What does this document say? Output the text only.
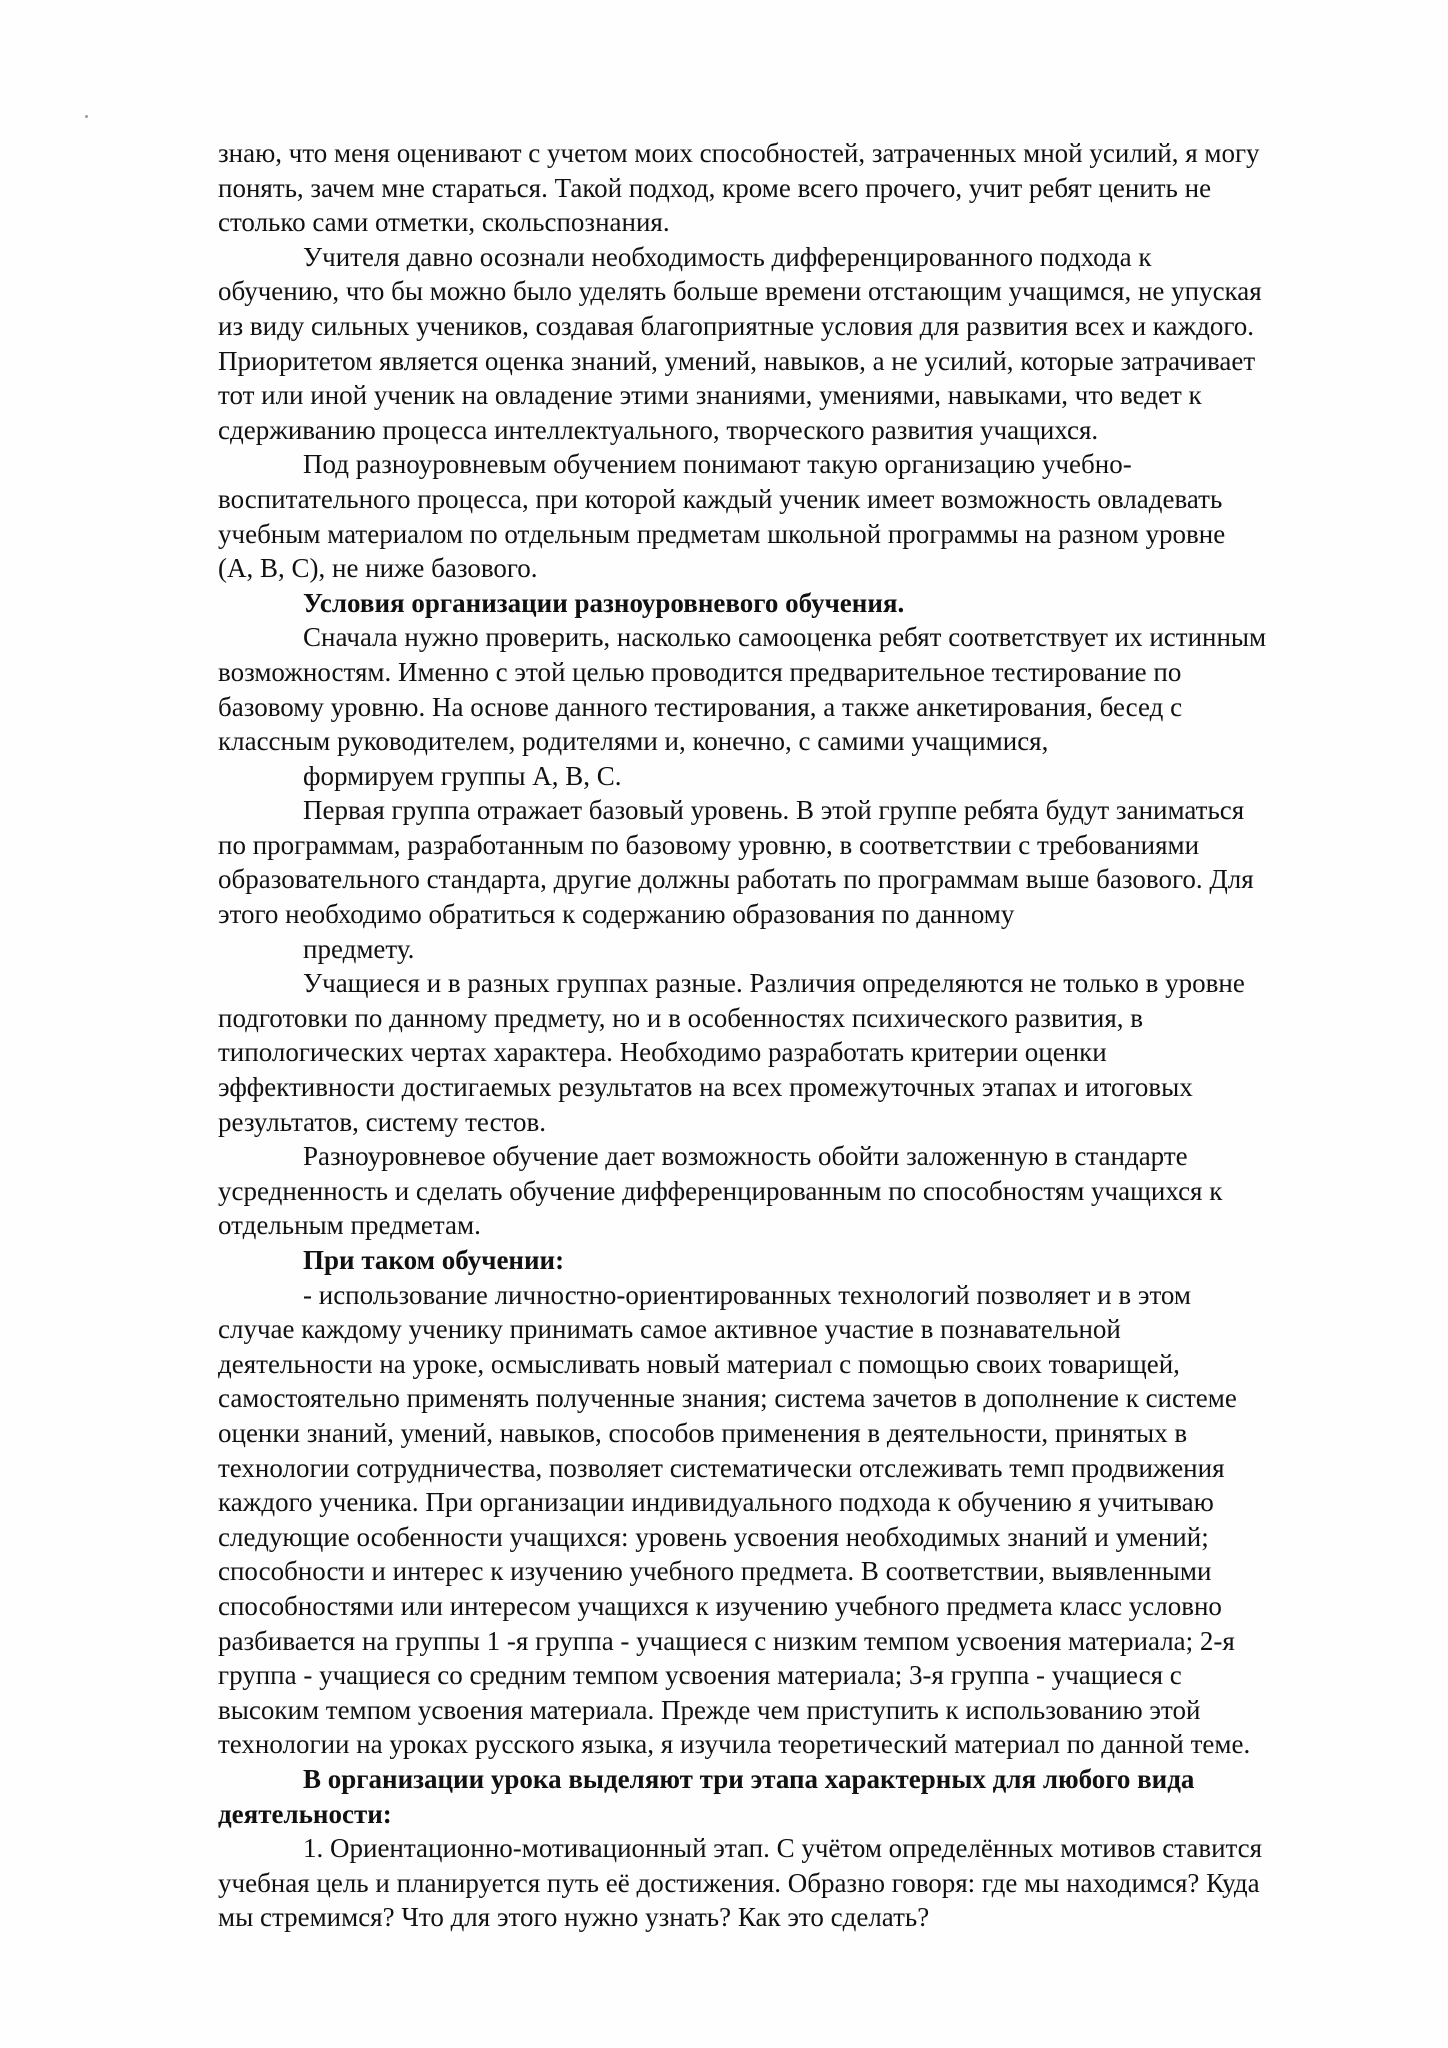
знаю, что меня оценивают с учетом моих способностей, затраченных мной усилий, я могу
понять, зачем мне стараться. Такой подход, кроме всего прочего, учит ребят ценить не
столько сами отметки, скольспознания.
Учителя давно осознали необходимость дифференцированного подхода к
обучению, что бы можно было уделять больше времени отстающим учащимся, не упуская
из виду сильных учеников, создавая благоприятные условия для развития всех и каждого.
Приоритетом является оценка знаний, умений, навыков, а не усилий, которые затрачивает
тот или иной ученик на овладение этими знаниями, умениями, навыками, что ведет к
сдерживанию процесса интеллектуального, творческого развития учащихся.
Под разноуровневым обучением понимают такую организацию учебно-
воспитательного процесса, при которой каждый ученик имеет возможность овладевать
учебным материалом по отдельным предметам школьной программы на разном уровне
(А, В, С), не ниже базового.
Условия организации разноуровневого обучения.
Сначала нужно проверить, насколько самооценка ребят соответствует их истинным
возможностям. Именно с этой целью проводится предварительное тестирование по
базовому уровню. На основе данного тестирования, а также анкетирования, бесед с
классным руководителем, родителями и, конечно, с самими учащимися,
формируем группы А, В, С.
Первая группа отражает базовый уровень. В этой группе ребята будут заниматься
по программам, разработанным по базовому уровню, в соответствии с требованиями
образовательного стандарта, другие должны работать по программам выше базового. Для
этого необходимо обратиться к содержанию образования по данному
предмету.
Учащиеся и в разных группах разные. Различия определяются не только в уровне
подготовки по данному предмету, но и в особенностях психического развития, в
типологических чертах характера. Необходимо разработать критерии оценки
эффективности достигаемых результатов на всех промежуточных этапах и итоговых
результатов, систему тестов.
Разноуровневое обучение дает возможность обойти заложенную в стандарте
усредненность и сделать обучение дифференцированным по способностям учащихся к
отдельным предметам.
При таком обучении:
- использование личностно-ориентированных технологий позволяет и в этом
случае каждому ученику принимать самое активное участие в познавательной
деятельности на уроке, осмысливать новый материал с помощью своих товарищей,
самостоятельно применять полученные знания; система зачетов в дополнение к системе
оценки знаний, умений, навыков, способов применения в деятельности, принятых в
технологии сотрудничества, позволяет систематически отслеживать темп продвижения
каждого ученика. При организации индивидуального подхода к обучению я учитываю
следующие особенности учащихся: уровень усвоения необходимых знаний и умений;
способности и интерес к изучению учебного предмета. В соответствии, выявленными
способностями или интересом учащихся к изучению учебного предмета класс условно
разбивается на группы 1 -я группа - учащиеся с низким темпом усвоения материала; 2-я
группа - учащиеся со средним темпом усвоения материала; 3-я группа - учащиеся с
высоким темпом усвоения материала. Прежде чем приступить к использованию этой
технологии на уроках русского языка, я изучила теоретический материал по данной теме.
В организации урока выделяют три этапа характерных для любого вида
деятельности:
1. Ориентационно-мотивационный этап. С учётом определённых мотивов ставится
учебная цель и планируется путь её достижения. Образно говоря: где мы находимся? Куда
мы стремимся? Что для этого нужно узнать? Как это сделать?
